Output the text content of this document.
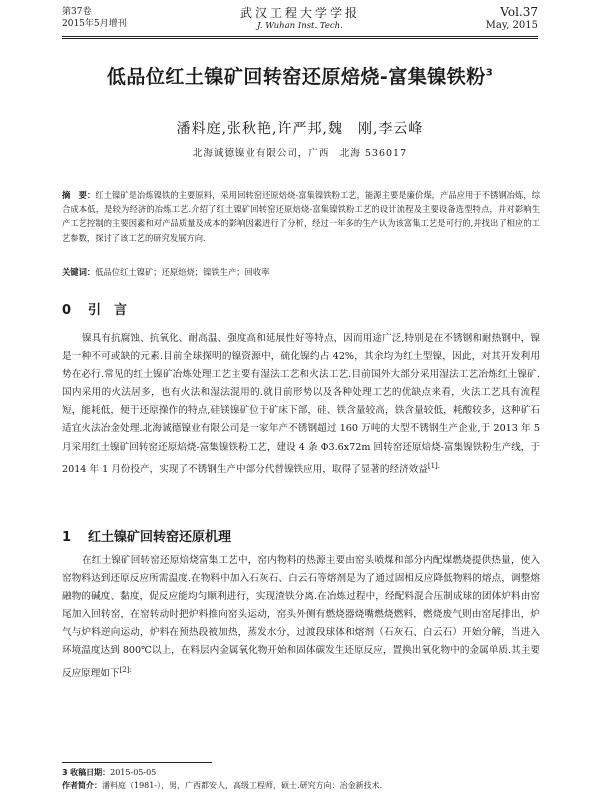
第37卷
2015年5月增刊
武汉工程大学学报
J. Wuhan Inst. Tech.
Vol.37
May, 2015
低品位红土镍矿回转窑还原焙烧-富集镍铁粉$^3$
潘料庭,张秋艳,许严邦,魏　刚,李云峰
北海诚德镍业有限公司，广西　北海 536017
摘　要：红土镍矿是冶炼镍铁的主要原料，采用回转窑还原焙烧-富集镍铁粉工艺，能源主要是廉价煤，产品应用于不锈钢冶炼，综合成本低，是较为经济的冶炼工艺.介绍了红土镍矿回转窑还原焙烧-富集镍铁粉工艺的设计流程及主要设备选型特点，并对影响生产工艺控制的主要因素和对产品质量及成本的影响因素进行了分析，经过一年多的生产认为该富集工艺是可行的,并找出了相应的工艺参数，探讨了该工艺的研究发展方向.
关键词：低品位红土镍矿；还原焙烧；镍铁生产；回收率
0 引　言
镍具有抗腐蚀、抗氧化、耐高温、强度高和延展性好等特点，因而用途广泛,特别是在不锈钢和耐热钢中，镍是一种不可或缺的元素.目前全球探明的镍资源中，硫化镍约占 42%，其余均为红土型镍，因此，对其开发利用势在必行.常见的红土镍矿冶炼处理工艺主要有湿法工艺和火法工艺.目前国外大部分采用湿法工艺冶炼红土镍矿.国内采用的火法居多，也有火法和湿法混用的.就目前形势以及各种处理工艺的优缺点来看，火法工艺具有流程短，能耗低，便于还原操作的特点,硅镁镍矿位于矿床下部，硅、铁含量较高，铁含量较低，耗酸较多，这种矿石适宜火法冶金处理.北海诚德镍业有限公司是一家年产不锈钢超过 160 万吨的大型不锈钢生产企业,于 2013 年 5 月采用红土镍矿回转窑还原焙烧-富集镍铁粉工艺，建设 4 条 Φ3.6x72m 回转窑还原焙烧-富集镍铁粉生产线，于 2014 年 1 月份投产，实现了不锈钢生产中部分代替镍铁应用，取得了显著的经济效益$^{[1].}$
1 红土镍矿回转窑还原机理
在红土镍矿回转窑还原焙烧富集工艺中，窑内物料的热源主要由窑头喷煤和部分内配煤燃烧提供热量，使入窑物料达到还原反应所需温度.在物料中加入石灰石、白云石等熔剂是为了通过固相反应降低物料的熔点，调整熔融物的碱度、黏度，促反应能均匀顺利进行，实现渣铁分离.在冶炼过程中，经配料混合压制成球的团体炉料由窑尾加入回转窑，在窑转动时把炉料推向窑头运动，窑头外侧有燃烧器烧嘴燃烧燃料，燃烧废气则由窑尾排出，炉气与炉料逆向运动，炉料在预热段被加热，蒸发水分，过渡段球体和熔剂（石灰石、白云石）开始分解，当进入环境温度达到 800℃以上，在料层内金属氧化物开始和固体碳发生还原反应，置换出氧化物中的金属单质.其主要反应原理如下$^{[2]:}$
3 收稿日期：2015-05-05
作者简介：潘料庭（1981-），男，广西都安人，高级工程师，硕士.研究方向：冶金新技术.
